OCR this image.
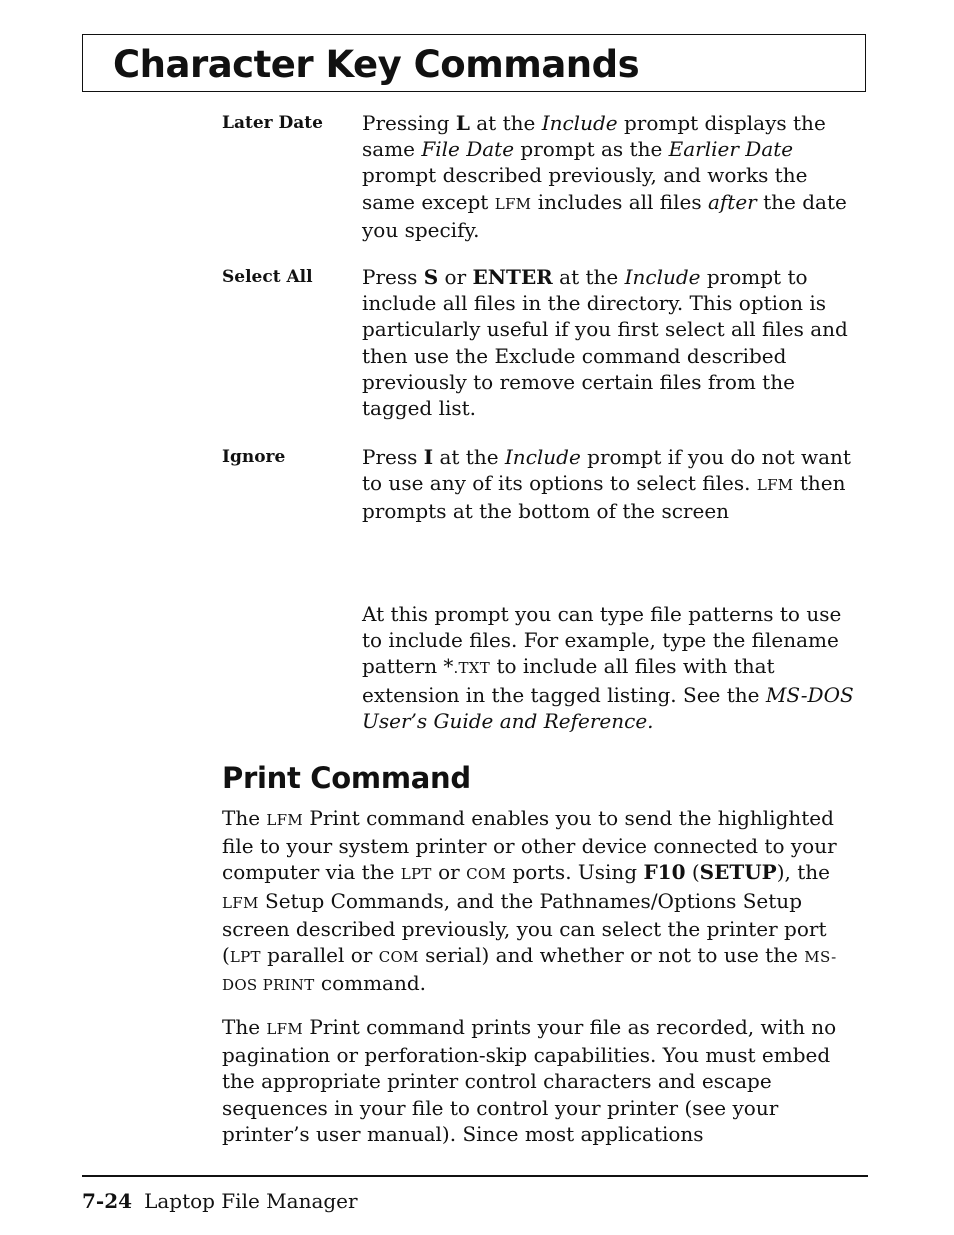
Character Key Commands
Later Date Pressing L at the Include prompt displays the same File Date prompt as the Earlier Date prompt described previously, and works the same except LFM includes all files after the date you specify.

Select All Press S or ENTER at the Include prompt to include all files in the directory. This option is particularly useful if you first select all files and then use the Exclude command described previously to remove certain files from the tagged list.

Ignore	Press I at the Include prompt if you do not want to use any of its options to select files. LFM then prompts at the bottom of the screen

At this prompt you can type file patterns to use to include files. For example, type the filename pattern *.TXT to include all files with that extension in the tagged listing. See the MS-DOS User’s Guide and Reference.

Print Command

The LFM Print command enables you to send the highlighted file to your system printer or other device connected to your computer via the LPT or COM ports. Using F10 (SETUP), the LFM Setup Commands, and the Pathnames/Options Setup screen described previously, you can select the printer port (LPT parallel or COM serial) and whether or not to use the MS-DOS PRINT command.

The LFM Print command prints your file as recorded, with no pagination or perforation-skip capabilities. You must embed the appropriate printer control characters and escape sequences in your file to control your printer (see your printer’s user manual). Since most applications

7-24 Laptop File Manager
